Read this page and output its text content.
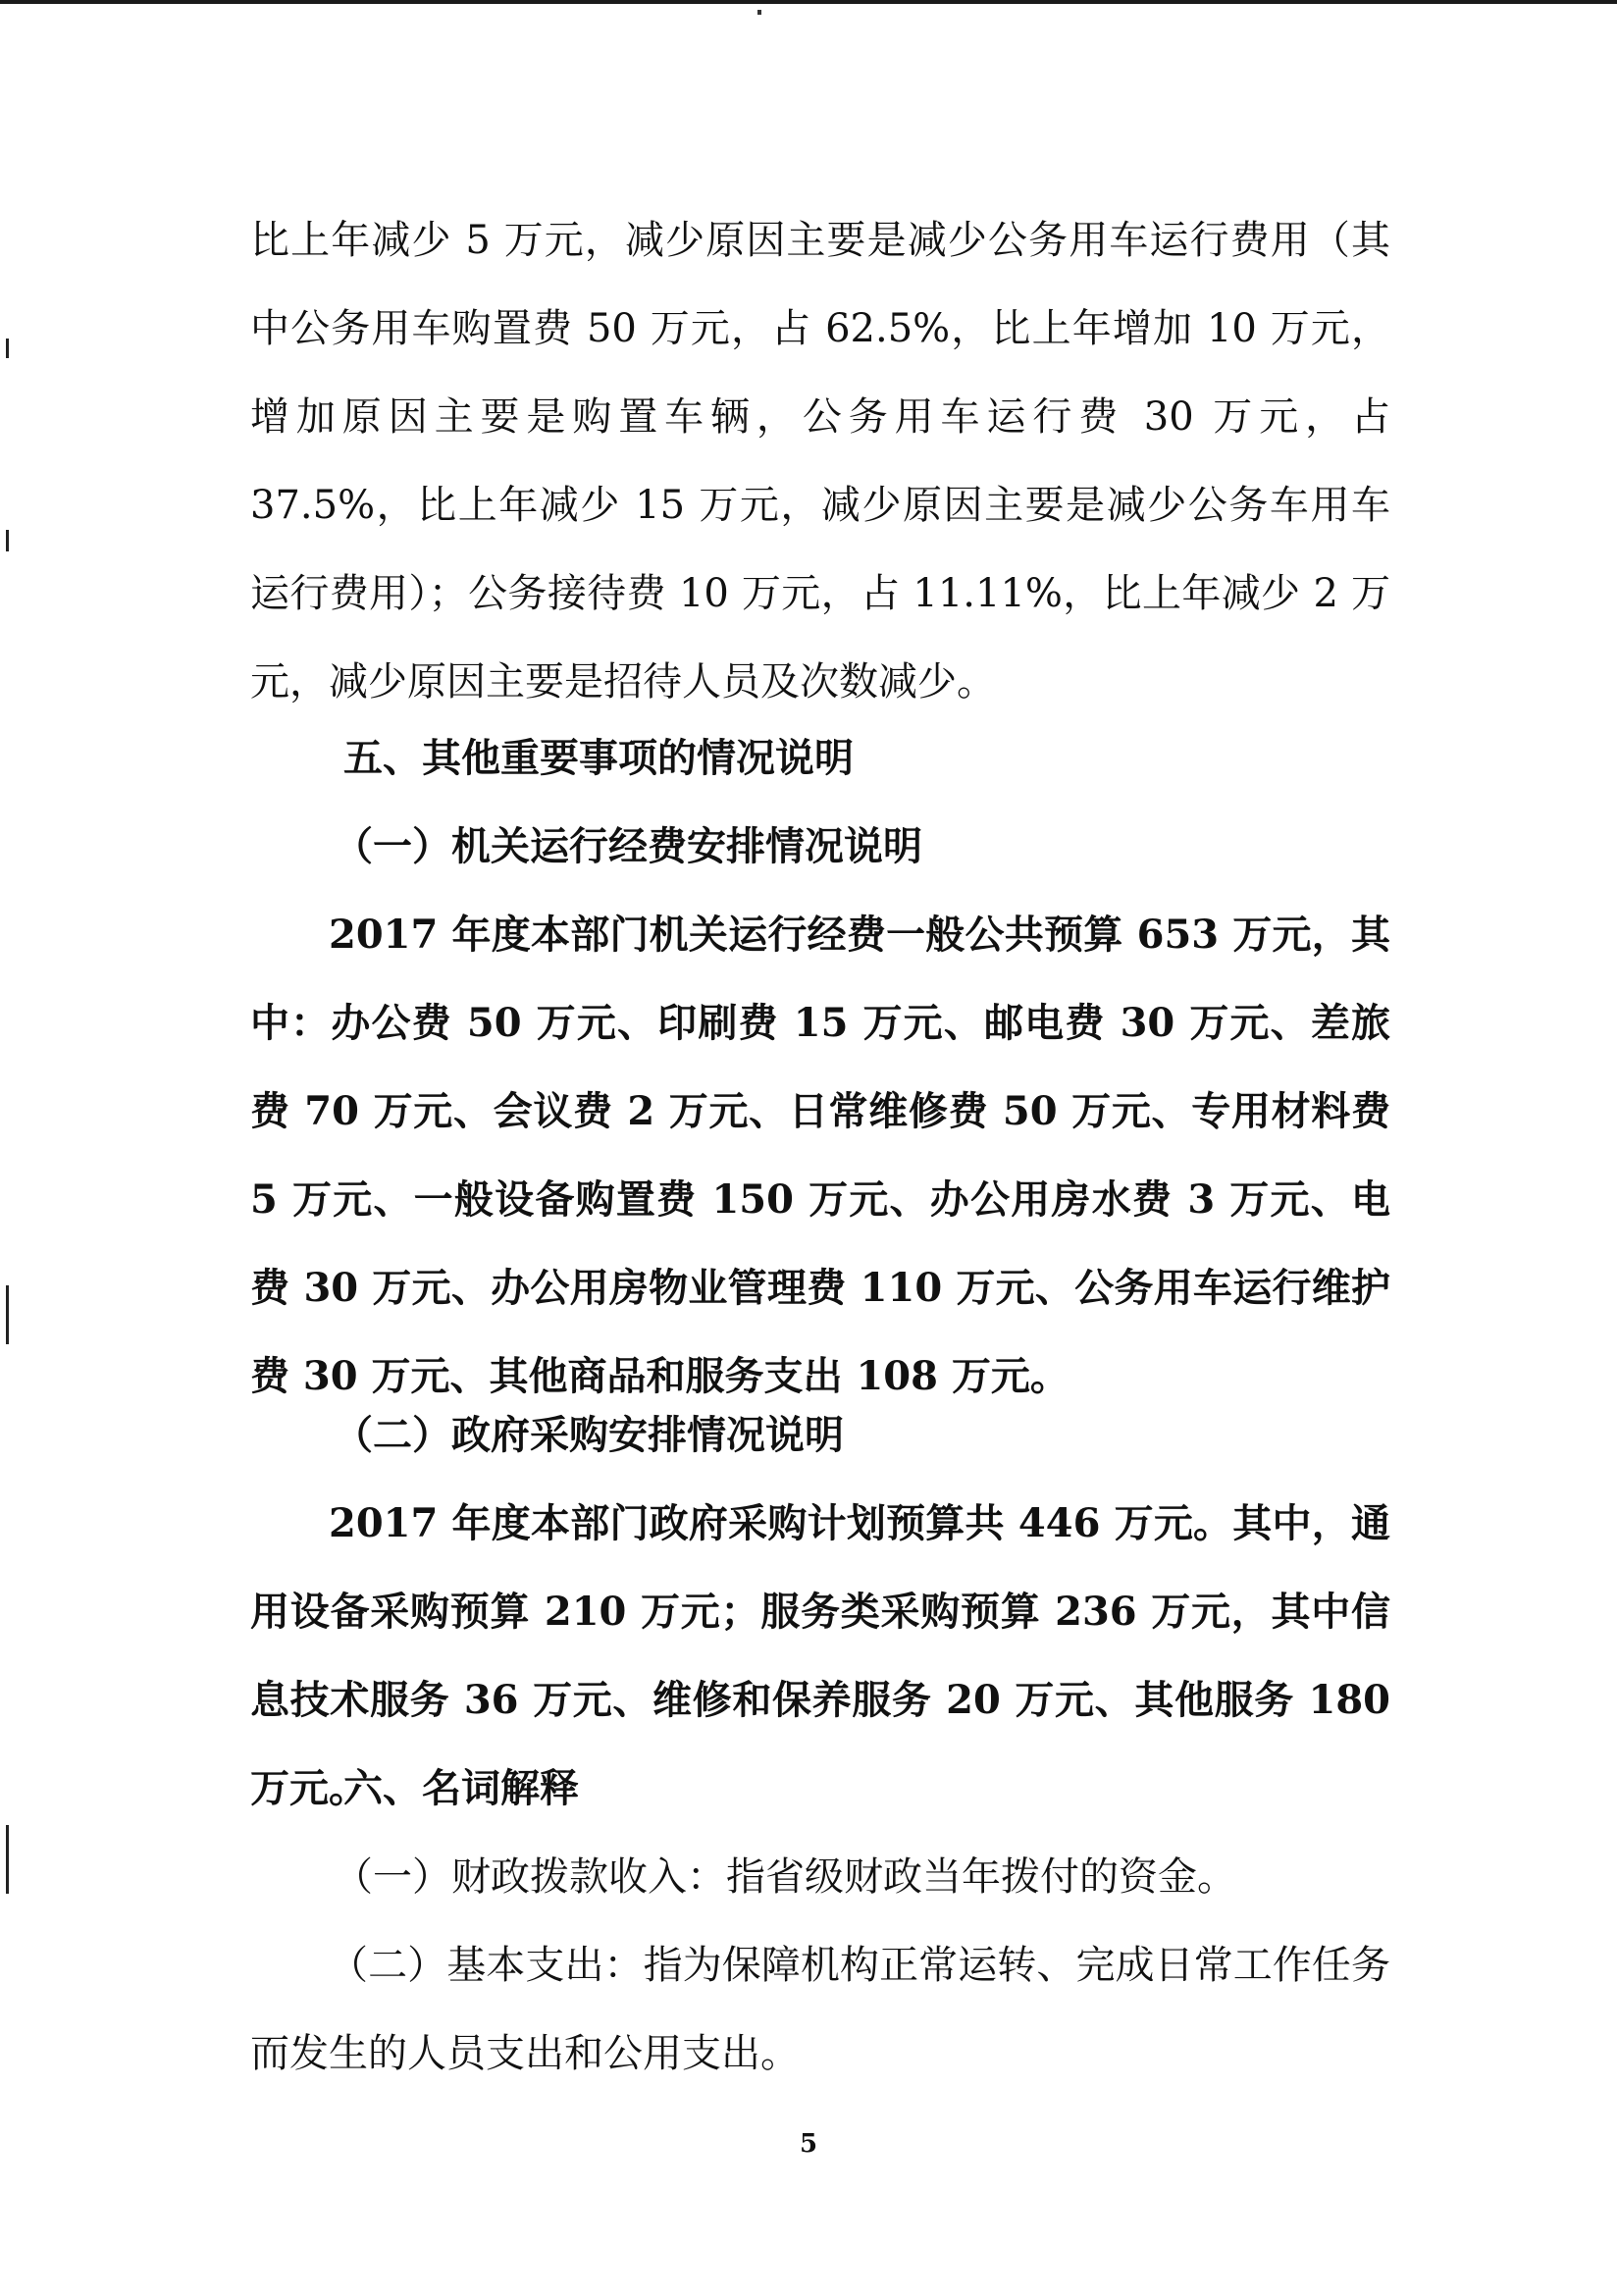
比上年减少 5 万元，减少原因主要是减少公务用车运行费用（其中公务用车购置费 50 万元，占 62.5%，比上年增加 10 万元，增加原因主要是购置车辆，公务用车运行费 30 万元，占 37.5%，比上年减少 15 万元，减少原因主要是减少公务车用车运行费用）；公务接待费 10 万元，占 11.11%，比上年减少 2 万元，减少原因主要是招待人员及次数减少。

五、其他重要事项的情况说明

（一）机关运行经费安排情况说明

2017 年度本部门机关运行经费一般公共预算 653 万元，其中：办公费 50 万元、印刷费 15 万元、邮电费 30 万元、差旅费 70 万元、会议费 2 万元、日常维修费 50 万元、专用材料费 5 万元、一般设备购置费 150 万元、办公用房水费 3 万元、电费 30 万元、办公用房物业管理费 110 万元、公务用车运行维护费 30 万元、其他商品和服务支出 108 万元。

（二）政府采购安排情况说明

2017 年度本部门政府采购计划预算共 446 万元。其中，通用设备采购预算 210 万元；服务类采购预算 236 万元，其中信息技术服务 36 万元、维修和保养服务 20 万元、其他服务 180 万元。

六、名词解释

（一）财政拨款收入：指省级财政当年拨付的资金。

（二）基本支出：指为保障机构正常运转、完成日常工作任务而发生的人员支出和公用支出。

5
